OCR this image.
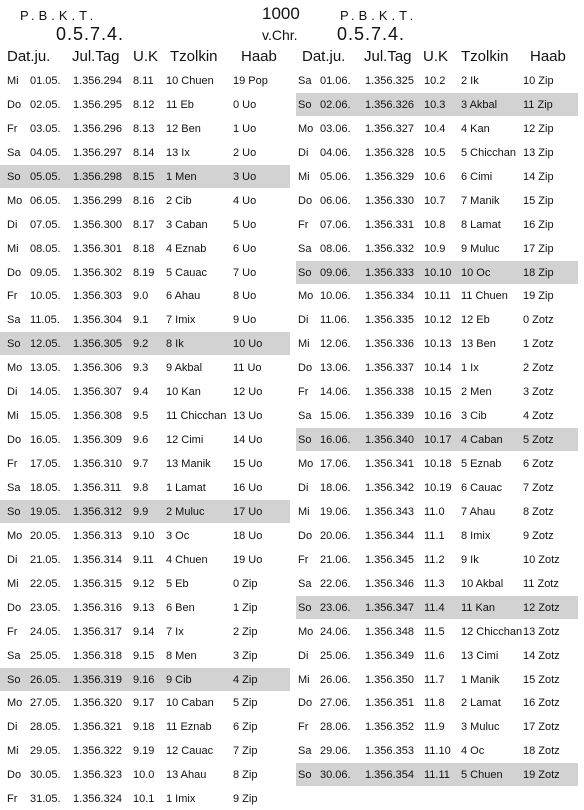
P.B.K.T.
0.5.7.4.
1000
v.Chr.
P.B.K.T.
0.5.7.4.
Dat.ju. Jul.Tag U.K Tzolkin Haab
Mi 01.05. 1.356.294 8.11 10 Chuen 19 Pop
Do 02.05. 1.356.295 8.12 11 Eb	0 Uo
Fr 03.05. 1.356.296 8.13 12 Ben	1 Uo
Sa 04.05. 1.356.297 8.14 13 Ix	2 Uo
So 05.05. 1.356.298 8.15 1 Men	3 Uo
Mo 06.05. 1.356.299 8.16 2 Cib	4 Uo
Di 07.05. 1.356.300 8.17 3 Caban 5 Uo
Mi 08.05. 1.356.301 8.18 4 Eznab 6 Uo
Do 09.05. 1.356.302 8.19 5 Cauac 7 Uo
Fr 10.05. 1.356.303 9.0 6 Ahau	8 Uo
Sa 11.05. 1.356.304 9.1 7 Imix	9 Uo
So 12.05. 1.356.305 9.2 8 Ik	10 Uo
Mo 13.05. 1.356.306 9.3 9 Akbal	11 Uo
Di 14.05. 1.356.307 9.4 10 Kan	12 Uo
Mi 15.05. 1.356.308 9.5 11 Chicchan 13 Uo
Do 16.05. 1.356.309 9.6 12 Cimi	14 Uo
Fr 17.05. 1.356.310 9.7 13 Manik 15 Uo
Sa 18.05. 1.356.311 9.8 1 Lamat 16 Uo
So 19.05. 1.356.312 9.9 2 Muluc	17 Uo
Mo 20.05. 1.356.313 9.10 3 Oc	18 Uo
Di 21.05. 1.356.314 9.11 4 Chuen 19 Uo
Mi 22.05. 1.356.315 9.12 5 Eb	0 Zip
Do 23.05. 1.356.316 9.13 6 Ben	1 Zip
Fr 24.05. 1.356.317 9.14 7 Ix	2 Zip
Sa 25.05. 1.356.318 9.15 8 Men	3 Zip
So 26.05. 1.356.319 9.16 9 Cib	4 Zip
Mo 27.05. 1.356.320 9.17 10 Caban 5 Zip
Di 28.05. 1.356.321 9.18 11 Eznab 6 Zip
Mi 29.05. 1.356.322 9.19 12 Cauac 7 Zip
Do 30.05. 1.356.323 10.0 13 Ahau 8 Zip
Fr 31.05. 1.356.324 10.1 1 Imix	9 Zip
Dat.ju. Jul.Tag U.K Tzolkin Haab
Sa 01.06. 1.356.325 10.2 2 Ik	10 Zip
So 02.06. 1.356.326 10.3 3 Akbal 11 Zip
Mo 03.06. 1.356.327 10.4 4 Kan	12 Zip
Di 04.06. 1.356.328 10.5 5 Chicchan 13 Zip
Mi 05.06. 1.356.329 10.6 6 Cimi	14 Zip
Do 06.06. 1.356.330 10.7 7 Manik 15 Zip
Fr 07.06. 1.356.331 10.8 8 Lamat 16 Zip
Sa 08.06. 1.356.332 10.9 9 Muluc 17 Zip
So 09.06. 1.356.333 10.10 10 Oc	18 Zip
Mo 10.06. 1.356.334 10.11 11 Chuen 19 Zip
Di 11.06. 1.356.335 10.12 12 Eb	0 Zotz
Mi 12.06. 1.356.336 10.13 13 Ben 1 Zotz
Do 13.06. 1.356.337 10.14 1 Ix	2 Zotz
Fr 14.06. 1.356.338 10.15 2 Men	3 Zotz
Sa 15.06. 1.356.339 10.16 3 Cib	4 Zotz
So 16.06. 1.356.340 10.17 4 Caban 5 Zotz
Mo 17.06. 1.356.341 10.18 5 Eznab 6 Zotz
Di 18.06. 1.356.342 10.19 6 Cauac 7 Zotz
Mi 19.06. 1.356.343 11.0 7 Ahau	8 Zotz
Do 20.06. 1.356.344 11.1 8 Imix	9 Zotz
Fr 21.06. 1.356.345 11.2 9 Ik	10 Zotz
Sa 22.06. 1.356.346 11.3 10 Akbal 11 Zotz
So 23.06. 1.356.347 11.4 11 Kan	12 Zotz
Mo 24.06. 1.356.348 11.5 12 Chicchan 13 Zotz
Di 25.06. 1.356.349 11.6 13 Cimi 14 Zotz
Mi 26.06. 1.356.350 11.7 1 Manik 15 Zotz
Do 27.06. 1.356.351 11.8 2 Lamat 16 Zotz
Fr 28.06. 1.356.352 11.9 3 Muluc 17 Zotz
Sa 29.06. 1.356.353 11.10 4 Oc	18 Zotz
So 30.06. 1.356.354 11.11 5 Chuen 19 Zotz
